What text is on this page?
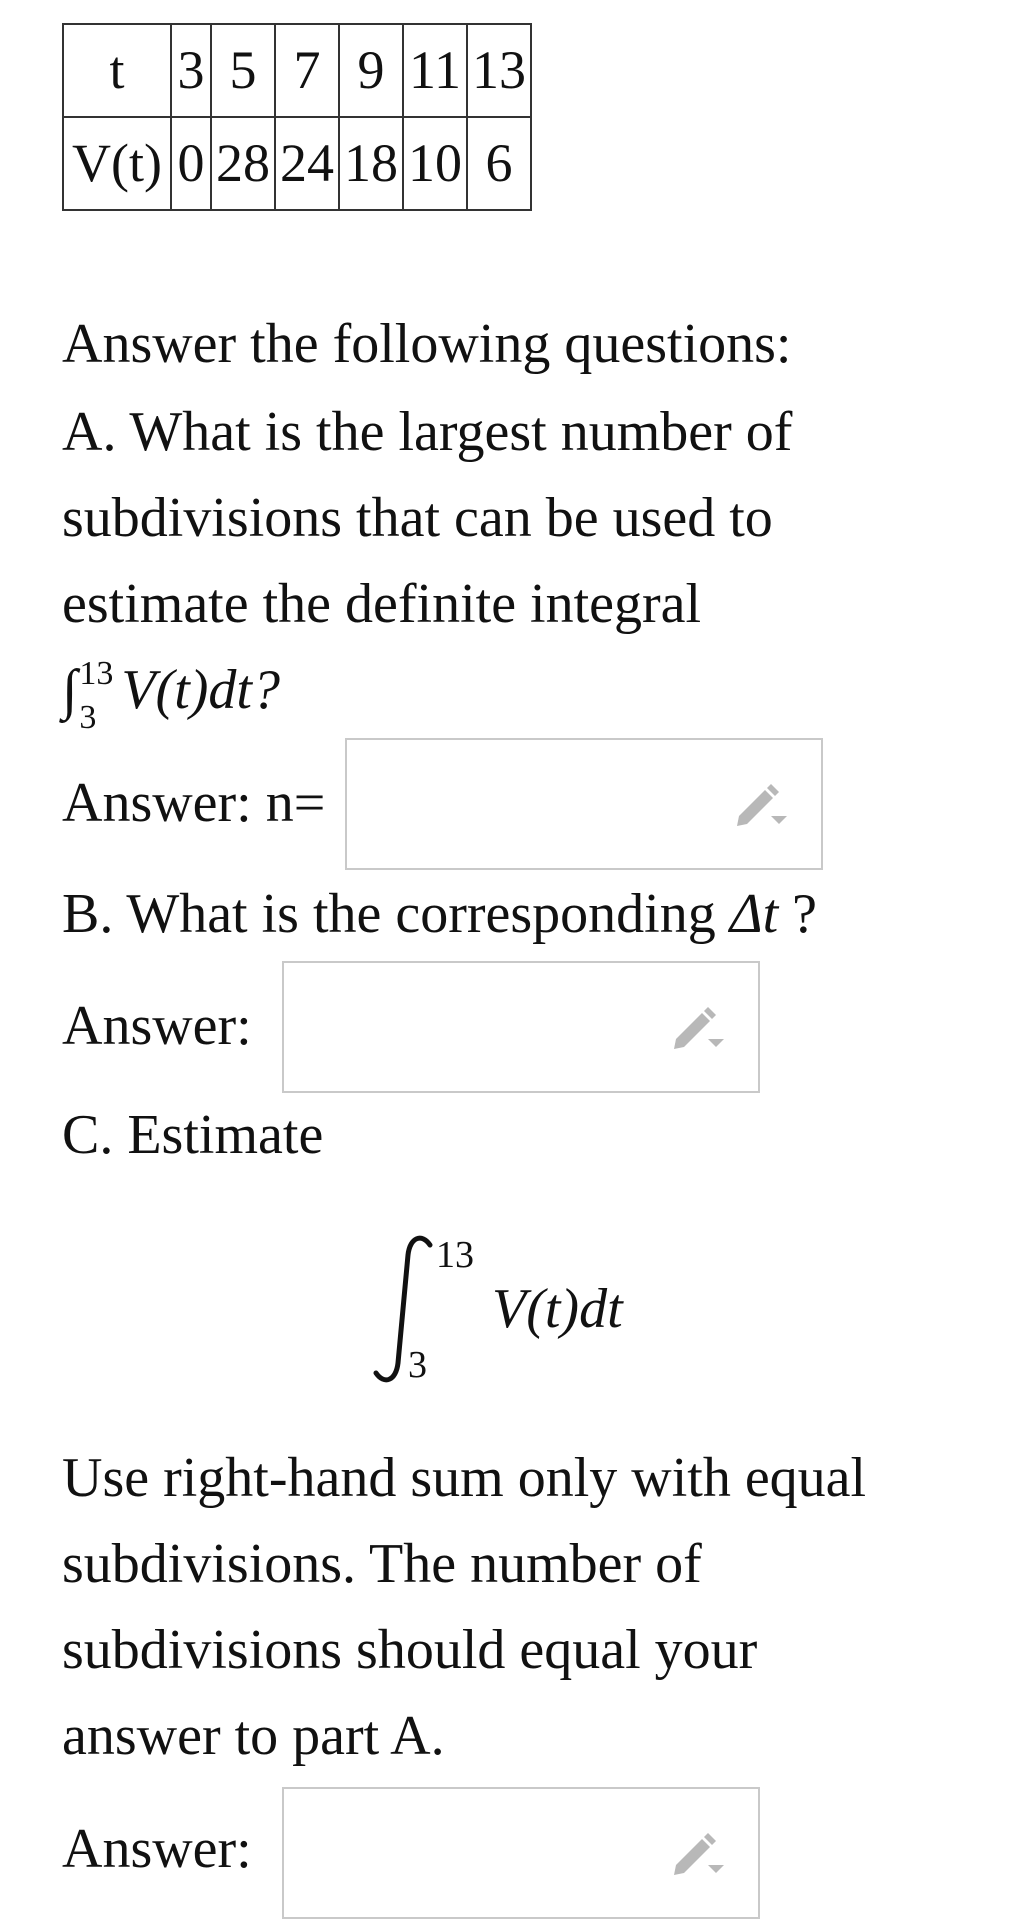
t	3	5	7	9	11	13
V(t)	0	28	24	18	10	6
Answer the following questions:
A. What is the largest number of
subdivisions that can be used to
estimate the definite integral
∫ 13
3 V(t)dt?
Answer: n=
B. What is the corresponding Δt ?
Answer:
C. Estimate
13
3
V(t)dt
Use right-hand sum only with equal
subdivisions. The number of
subdivisions should equal your
answer to part A.
Answer:
